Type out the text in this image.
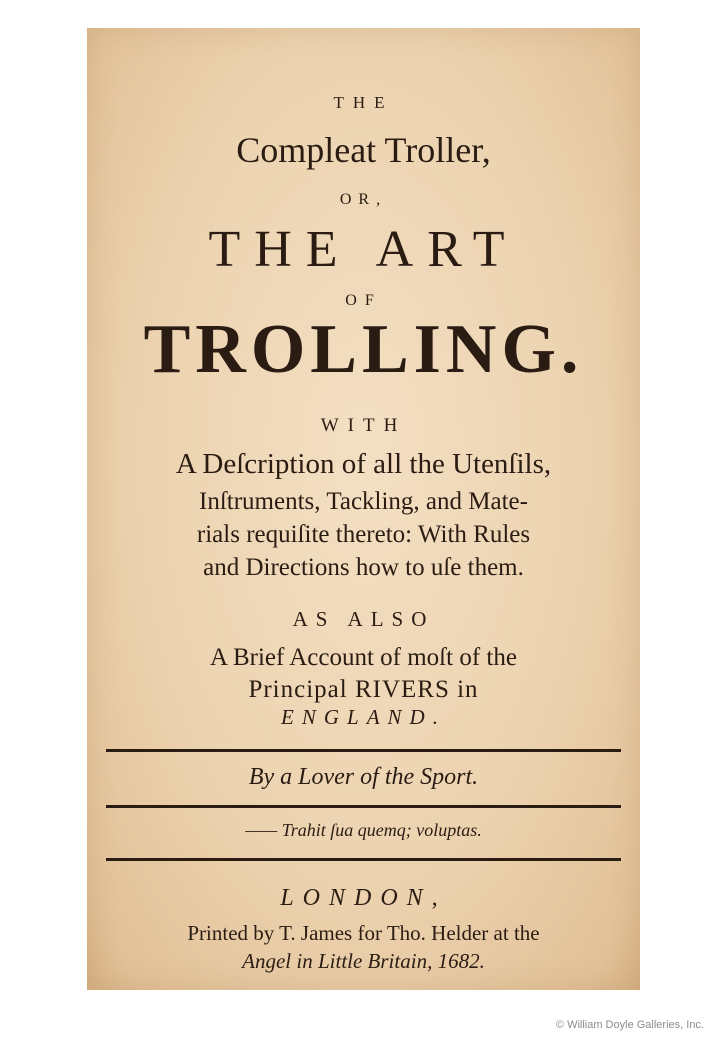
THE
Compleat Troller,
OR,
THE ART
OF
TROLLING.
WITH
A Deſcription of all the Utenſils,
Inſtruments, Tackling, and Mate-
rials requiſite thereto: With Rules
and Directions how to uſe them.
AS ALSO
A Brief Account of moſt of the
Principal RIVERS in
ENGLAND.
By a Lover of the Sport.
—— Trahit ſua quemq; voluptas.
LONDON,
Printed by T. James for Tho. Helder at the
Angel in Little Britain, 1682.
© William Doyle Galleries, Inc.
